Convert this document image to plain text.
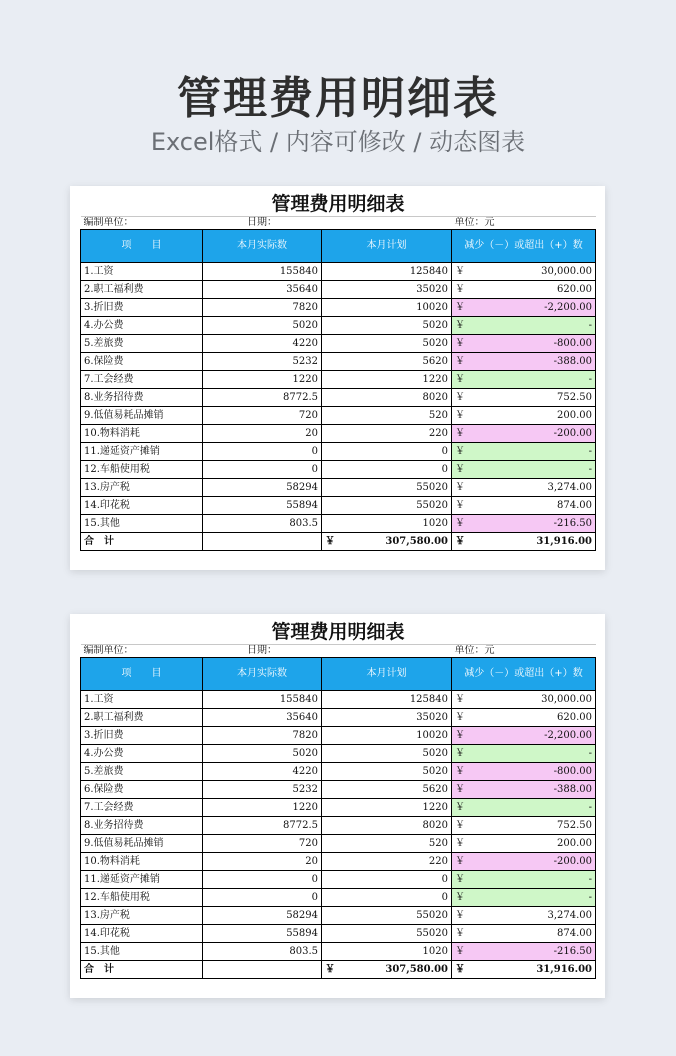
管理费用明细表
Excel格式 / 内容可修改 / 动态图表
管理费用明细表			
编制单位：	日期：		单位：元
项　　目	本月实际数	本月计划	减少（－）或超出（+）数
1.工资	155840	125840	￥ 30,000.00

2.职工福利费	35640	35020	￥ 620.00

3.折旧费	7820	10020	￥ -2,200.00

4.办公费	5020	5020	￥ -

5.差旅费	4220	5020	￥ -800.00

6.保险费	5232	5620	￥ -388.00

7.工会经费	1220	1220	￥ -

8.业务招待费	8772.5	8020	￥ 752.50

9.低值易耗品摊销	720	520	￥ 200.00

10.物料消耗	20	220	￥ -200.00

11.递延资产摊销	0	0	￥ -

12.车船使用税	0	0	￥ -

13.房产税	58294	55020	￥ 3,274.00

14.印花税	55894	55020	￥ 874.00

15.其他	803.5	1020	￥ -216.50

合　计		￥ 307,580.00	￥ 31,916.00
管理费用明细表			
编制单位：	日期：		单位：元
项　　目	本月实际数	本月计划	减少（－）或超出（+）数
1.工资	155840	125840	￥ 30,000.00

2.职工福利费	35640	35020	￥ 620.00

3.折旧费	7820	10020	￥ -2,200.00

4.办公费	5020	5020	￥ -

5.差旅费	4220	5020	￥ -800.00

6.保险费	5232	5620	￥ -388.00

7.工会经费	1220	1220	￥ -

8.业务招待费	8772.5	8020	￥ 752.50

9.低值易耗品摊销	720	520	￥ 200.00

10.物料消耗	20	220	￥ -200.00

11.递延资产摊销	0	0	￥ -

12.车船使用税	0	0	￥ -

13.房产税	58294	55020	￥ 3,274.00

14.印花税	55894	55020	￥ 874.00

15.其他	803.5	1020	￥ -216.50

合　计		￥ 307,580.00	￥ 31,916.00
